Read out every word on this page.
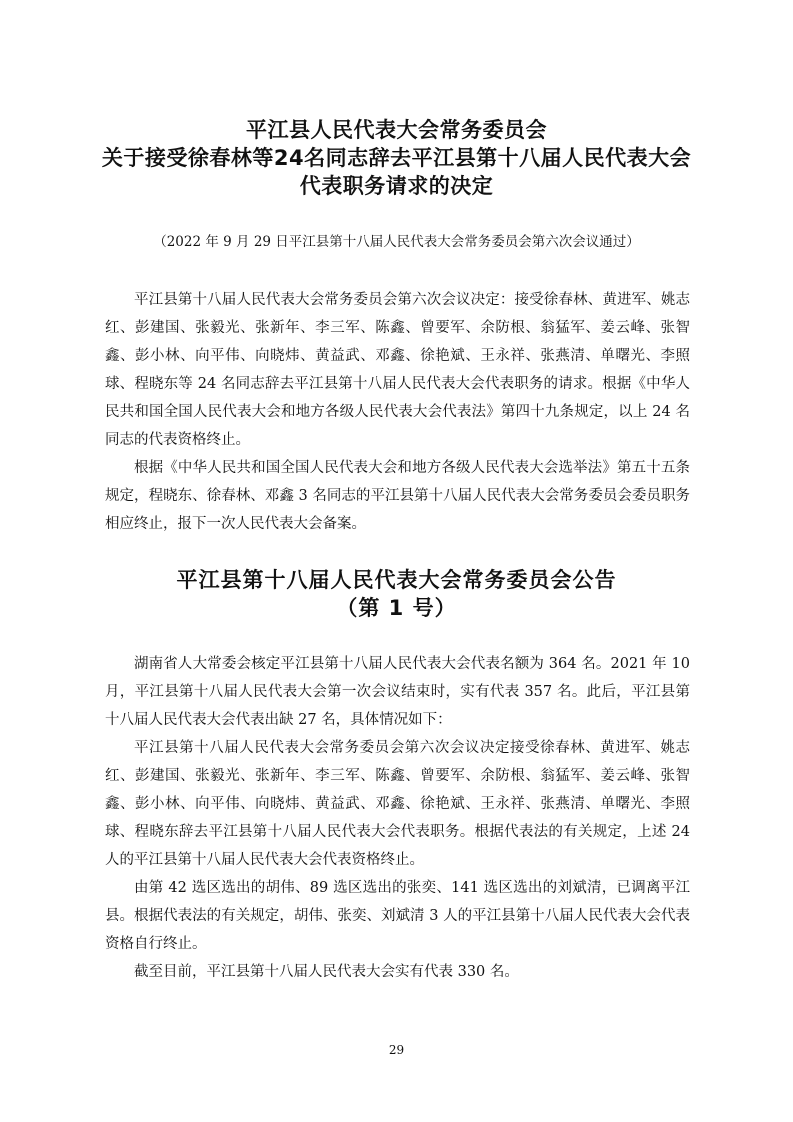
平江县人民代表大会常务委员会
关于接受徐春林等24名同志辞去平江县第十八届人民代表大会
代表职务请求的决定
（2022 年 9 月 29 日平江县第十八届人民代表大会常务委员会第六次会议通过）

平江县第十八届人民代表大会常务委员会第六次会议决定：接受徐春林、黄进军、姚志红、彭建国、张毅光、张新年、李三军、陈鑫、曾要军、余防根、翁猛军、姜云峰、张智鑫、彭小林、向平伟、向晓炜、黄益武、邓鑫、徐艳斌、王永祥、张燕清、单曙光、李照球、程晓东等 24 名同志辞去平江县第十八届人民代表大会代表职务的请求。根据《中华人民共和国全国人民代表大会和地方各级人民代表大会代表法》第四十九条规定，以上 24 名同志的代表资格终止。

根据《中华人民共和国全国人民代表大会和地方各级人民代表大会选举法》第五十五条规定，程晓东、徐春林、邓鑫 3 名同志的平江县第十八届人民代表大会常务委员会委员职务相应终止，报下一次人民代表大会备案。

平江县第十八届人民代表大会常务委员会公告
（第 1 号）

湖南省人大常委会核定平江县第十八届人民代表大会代表名额为 364 名。2021 年 10 月，平江县第十八届人民代表大会第一次会议结束时，实有代表 357 名。此后，平江县第十八届人民代表大会代表出缺 27 名，具体情况如下：

平江县第十八届人民代表大会常务委员会第六次会议决定接受徐春林、黄进军、姚志红、彭建国、张毅光、张新年、李三军、陈鑫、曾要军、余防根、翁猛军、姜云峰、张智鑫、彭小林、向平伟、向晓炜、黄益武、邓鑫、徐艳斌、王永祥、张燕清、单曙光、李照球、程晓东辞去平江县第十八届人民代表大会代表职务。根据代表法的有关规定，上述 24 人的平江县第十八届人民代表大会代表资格终止。

由第 42 选区选出的胡伟、89 选区选出的张奕、141 选区选出的刘斌清，已调离平江县。根据代表法的有关规定，胡伟、张奕、刘斌清 3 人的平江县第十八届人民代表大会代表资格自行终止。

截至目前，平江县第十八届人民代表大会实有代表 330 名。

29
